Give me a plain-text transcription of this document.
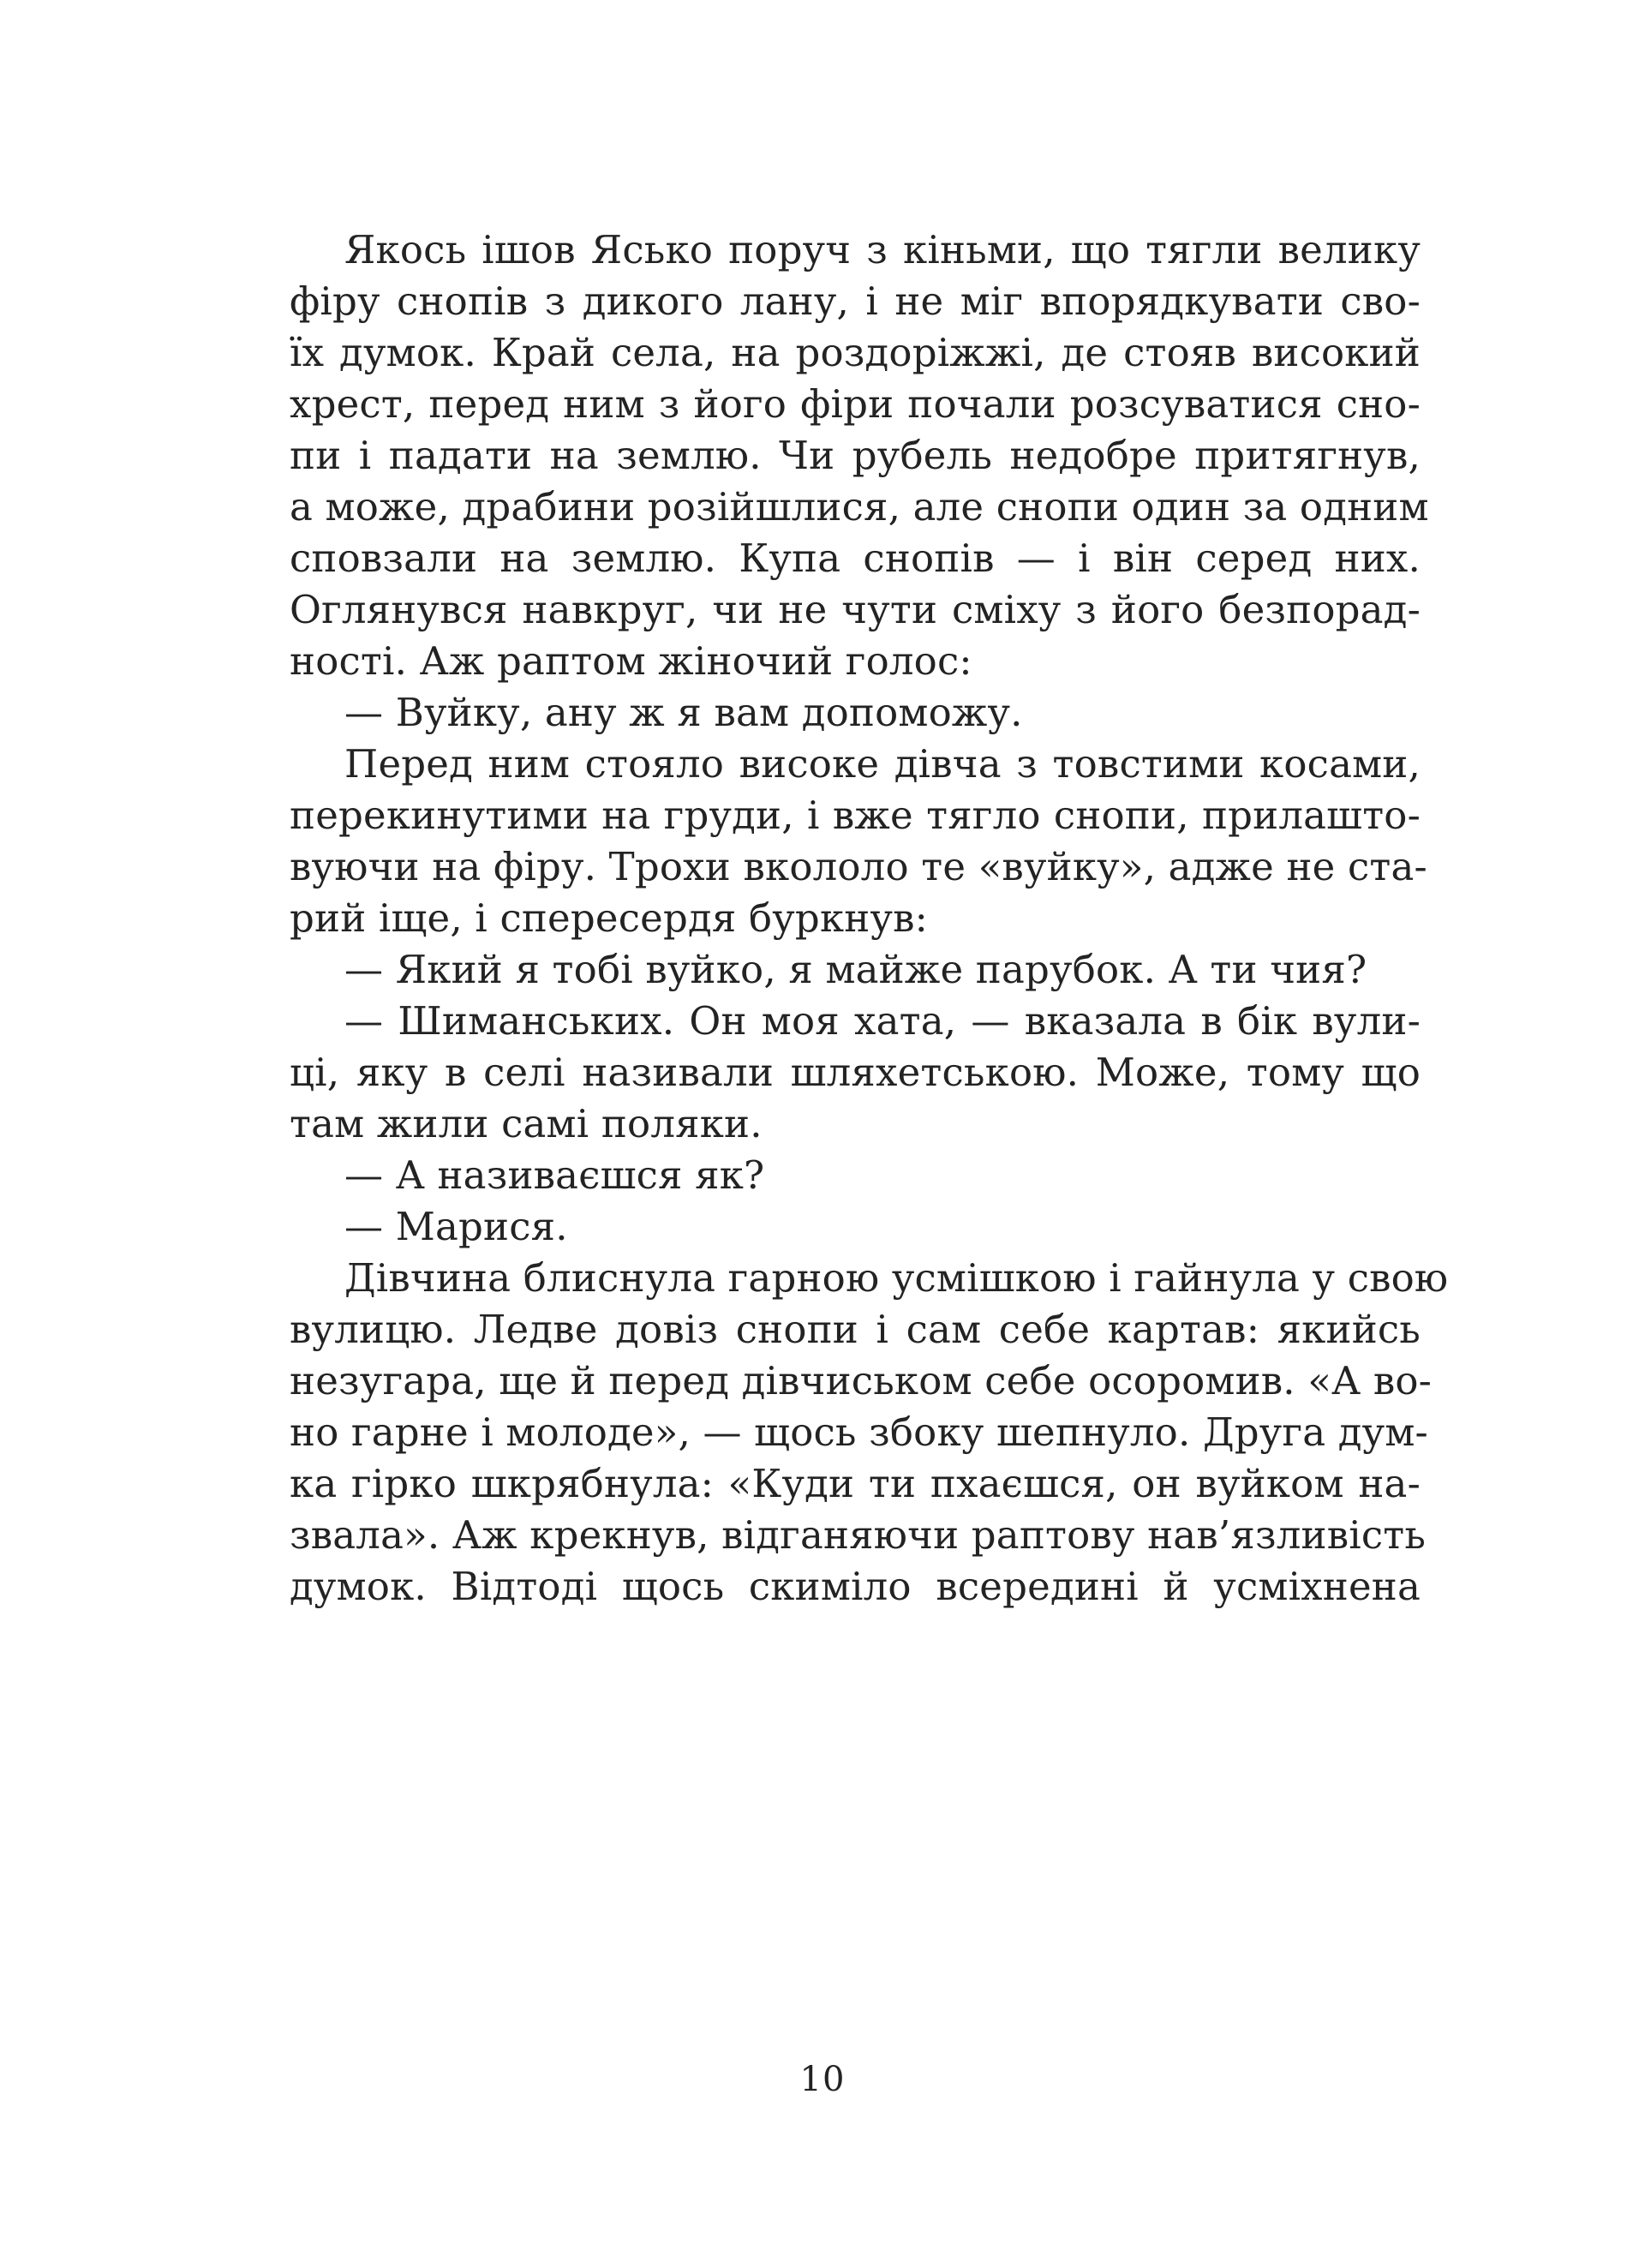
Якось ішов Ясько поруч з кіньми, що тягли велику
фіру снопів з дикого лану, і не міг впорядкувати сво-
їх думок. Край села, на роздоріжжі, де стояв високий
хрест, перед ним з його фіри почали розсуватися сно-
пи і падати на землю. Чи рубель недобре притягнув,
а може, драбини розійшлися, але снопи один за одним
сповзали на землю. Купа снопів — і він серед них.
Оглянувся навкруг, чи не чути сміху з його безпорад-
ності. Аж раптом жіночий голос:
— Вуйку, ану ж я вам допоможу.
Перед ним стояло високе дівча з товстими косами,
перекинутими на груди, і вже тягло снопи, прилашто-
вуючи на фіру. Трохи вкололо те «вуйку», адже не ста-
рий іще, і спересердя буркнув:
— Який я тобі вуйко, я майже парубок. А ти чия?
— Шиманських. Он моя хата, — вказала в бік вули-
ці, яку в селі називали шляхетською. Може, тому що
там жили самі поляки.
— А називаєшся як?
— Марися.
Дівчина блиснула гарною усмішкою і гайнула у свою
вулицю. Ледве довіз снопи і сам себе картав: якийсь
незугара, ще й перед дівчиськом себе осоромив. «А во-
но гарне і молоде», — щось збоку шепнуло. Друга дум-
ка гірко шкрябнула: «Куди ти пхаєшся, он вуйком на-
звала». Аж крекнув, відганяючи раптову нав’язливість
думок. Відтоді щось скиміло всередині й усміхнена
10
